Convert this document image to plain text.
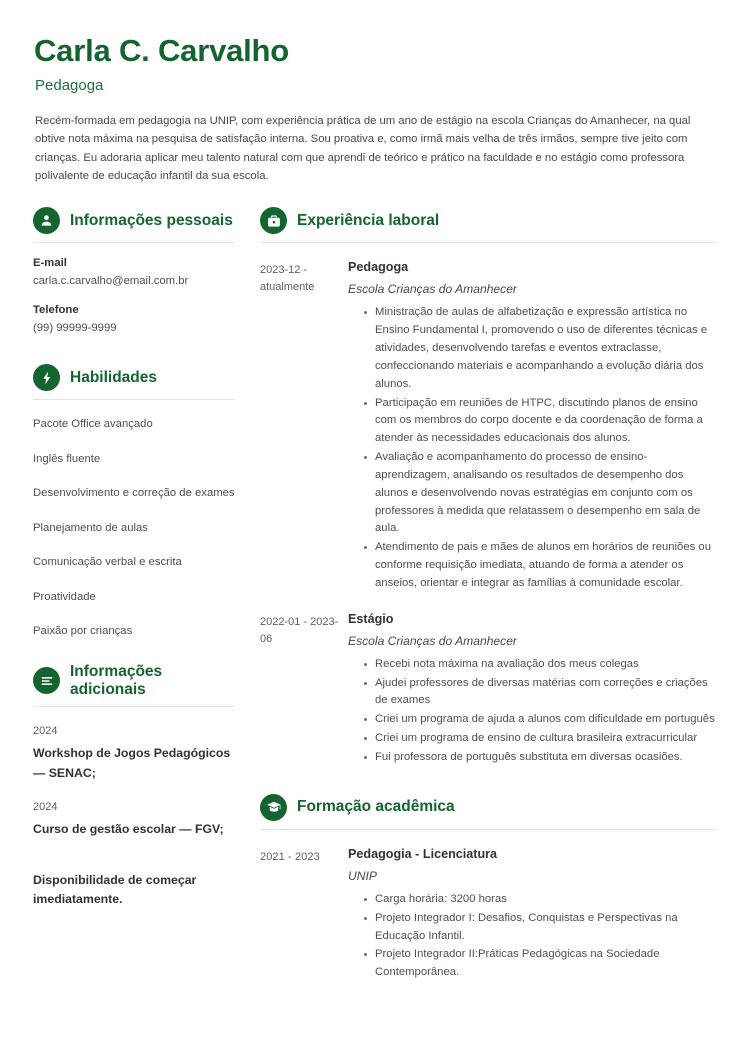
Carla C. Carvalho
Pedagoga

Recém-formada em pedagogia na UNIP, com experiência prática de um ano de estágio na escola Crianças do Amanhecer, na qual obtive nota máxima na pesquisa de satisfação interna. Sou proativa e, como irmã mais velha de três irmãos, sempre tive jeito com crianças. Eu adoraria aplicar meu talento natural com que aprendi de teórico e prático na faculdade e no estágio como professora polivalente de educação infantil da sua escola.

Informações pessoais
E-mail
carla.c.carvalho@email.com.br
Telefone
(99) 99999-9999
Habilidades
Pacote Office avançado
Inglês fluente
Desenvolvimento e correção de exames
Planejamento de aulas
Comunicação verbal e escrita
Proatividade
Paixão por crianças
Informações adicionais
2024
Workshop de Jogos Pedagógicos — SENAC;
2024
Curso de gestão escolar — FGV;
Disponibilidade de começar imediatamente.
Experiência laboral
2023-12 - atualmente
Pedagoga
Escola Crianças do Amanhecer
Ministração de aulas de alfabetização e expressão artística no Ensino Fundamental I, promovendo o uso de diferentes técnicas e atividades, desenvolvendo tarefas e eventos extraclasse, confeccionando materiais e acompanhando a evolução diária dos alunos.
Participação em reuniões de HTPC, discutindo planos de ensino com os membros do corpo docente e da coordenação de forma a atender às necessidades educacionais dos alunos.
Avaliação e acompanhamento do processo de ensino-aprendizagem, analisando os resultados de desempenho dos alunos e desenvolvendo novas estratégias em conjunto com os professores à medida que relatassem o desempenho em sala de aula.
Atendimento de pais e mães de alunos em horários de reuniões ou conforme requisição imediata, atuando de forma a atender os anseios, orientar e integrar as famílias à comunidade escolar.
2022-01 - 2023-06
Estágio
Escola Crianças do Amanhecer
Recebi nota máxima na avaliação dos meus colegas
Ajudei professores de diversas matérias com correções e criações de exames
Criei um programa de ajuda a alunos com dificuldade em português
Criei um programa de ensino de cultura brasileira extracurricular
Fui professora de português substituta em diversas ocasiões.
Formação acadêmica
2021 - 2023	Pedagogia - Licenciatura
UNIP
Carga horária: 3200 horas
Projeto Integrador I: Desafios, Conquistas e Perspectivas na Educação Infantil.
Projeto Integrador II:Práticas Pedagógicas na Sociedade Contemporânea.
